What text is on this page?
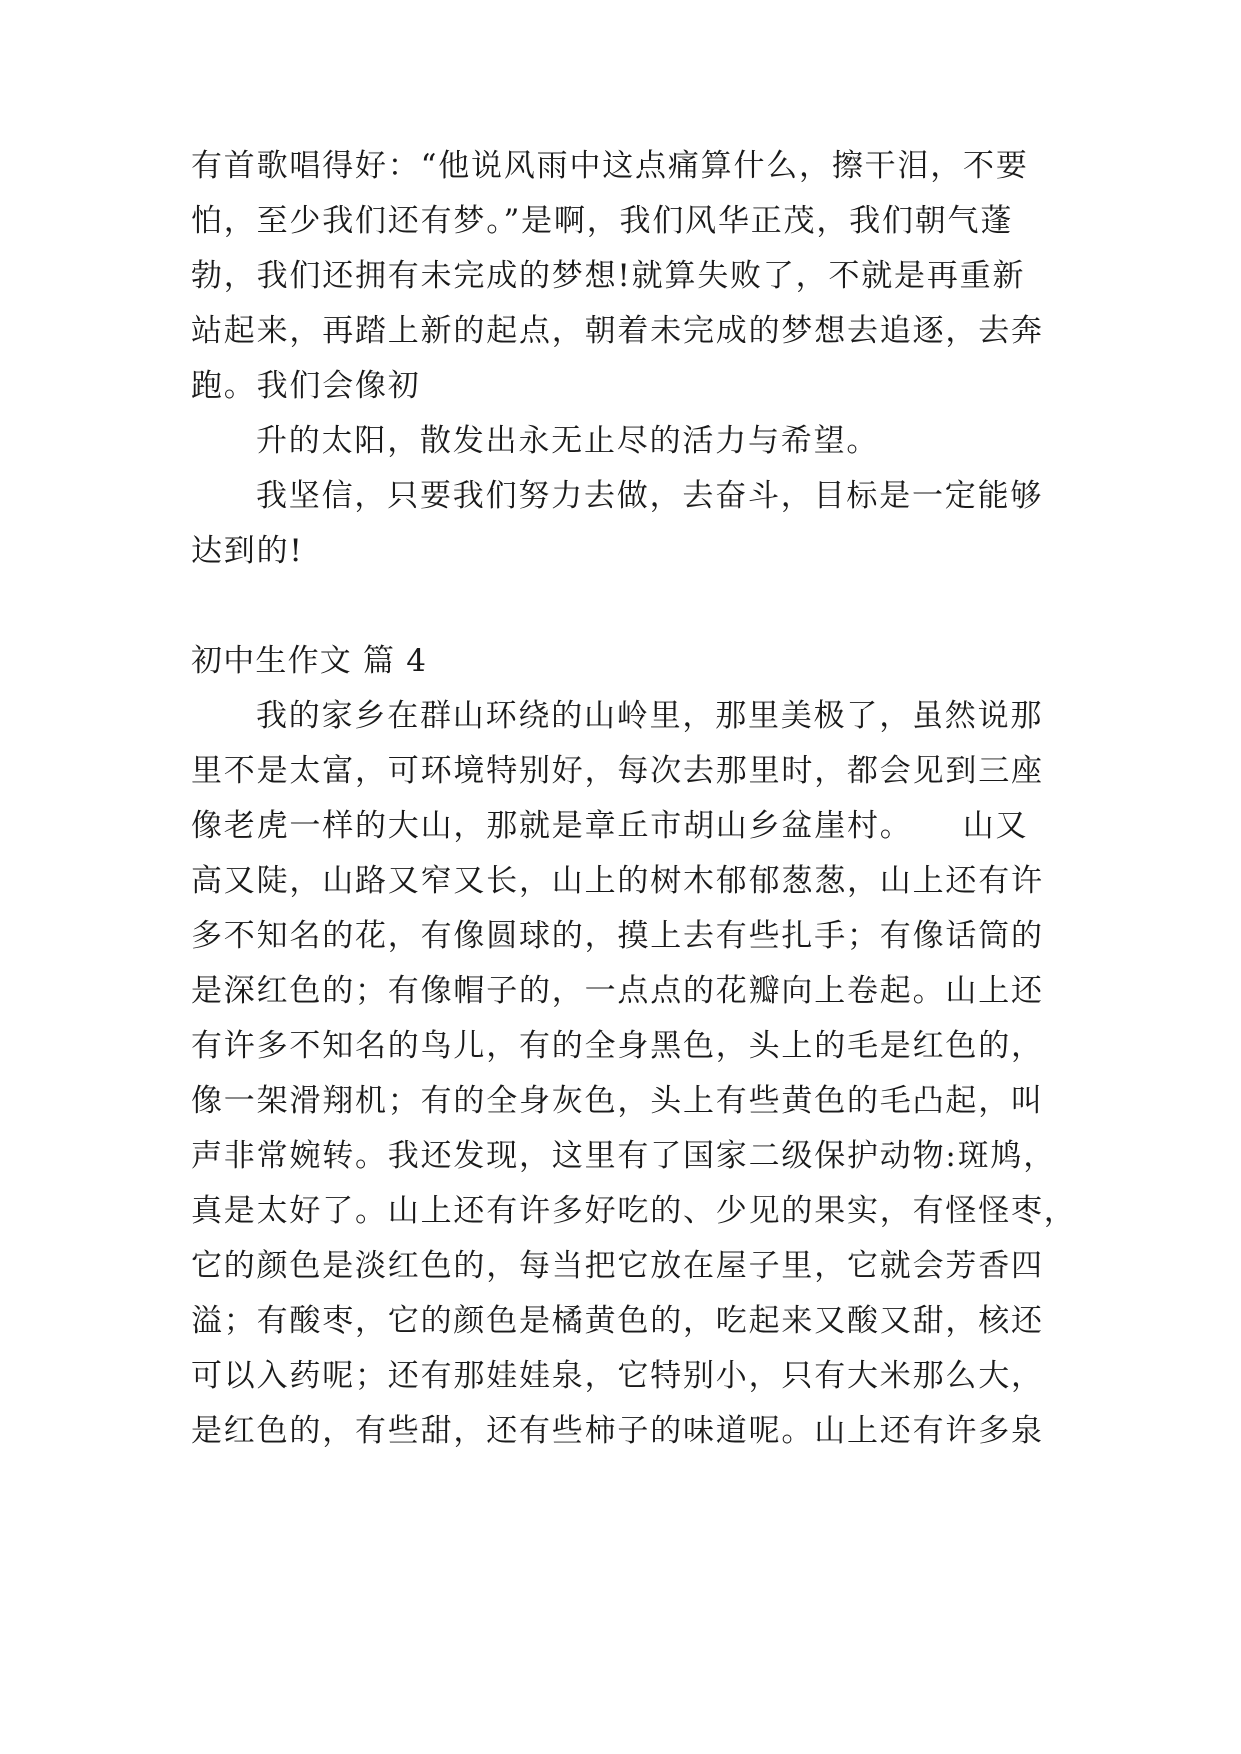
有首歌唱得好：“他说风雨中这点痛算什么，擦干泪，不要
怕，至少我们还有梦。”是啊，我们风华正茂，我们朝气蓬
勃，我们还拥有未完成的梦想!就算失败了，不就是再重新
站起来，再踏上新的起点，朝着未完成的梦想去追逐，去奔
跑。我们会像初
升的太阳，散发出永无止尽的活力与希望。
我坚信，只要我们努力去做，去奋斗，目标是一定能够
达到的!
初中生作文 篇 4
我的家乡在群山环绕的山岭里，那里美极了，虽然说那
里不是太富，可环境特别好，每次去那里时，都会见到三座
像老虎一样的大山，那就是章丘市胡山乡盆崖村。　　山又
高又陡，山路又窄又长，山上的树木郁郁葱葱，山上还有许
多不知名的花，有像圆球的，摸上去有些扎手；有像话筒的
是深红色的；有像帽子的，一点点的花瓣向上卷起。山上还
有许多不知名的鸟儿，有的全身黑色，头上的毛是红色的，
像一架滑翔机；有的全身灰色，头上有些黄色的毛凸起，叫
声非常婉转。我还发现，这里有了国家二级保护动物:斑鸠，
真是太好了。山上还有许多好吃的、少见的果实，有怪怪枣，
它的颜色是淡红色的，每当把它放在屋子里，它就会芳香四
溢；有酸枣，它的颜色是橘黄色的，吃起来又酸又甜，核还
可以入药呢；还有那娃娃泉，它特别小，只有大米那么大，
是红色的，有些甜，还有些柿子的味道呢。山上还有许多泉
